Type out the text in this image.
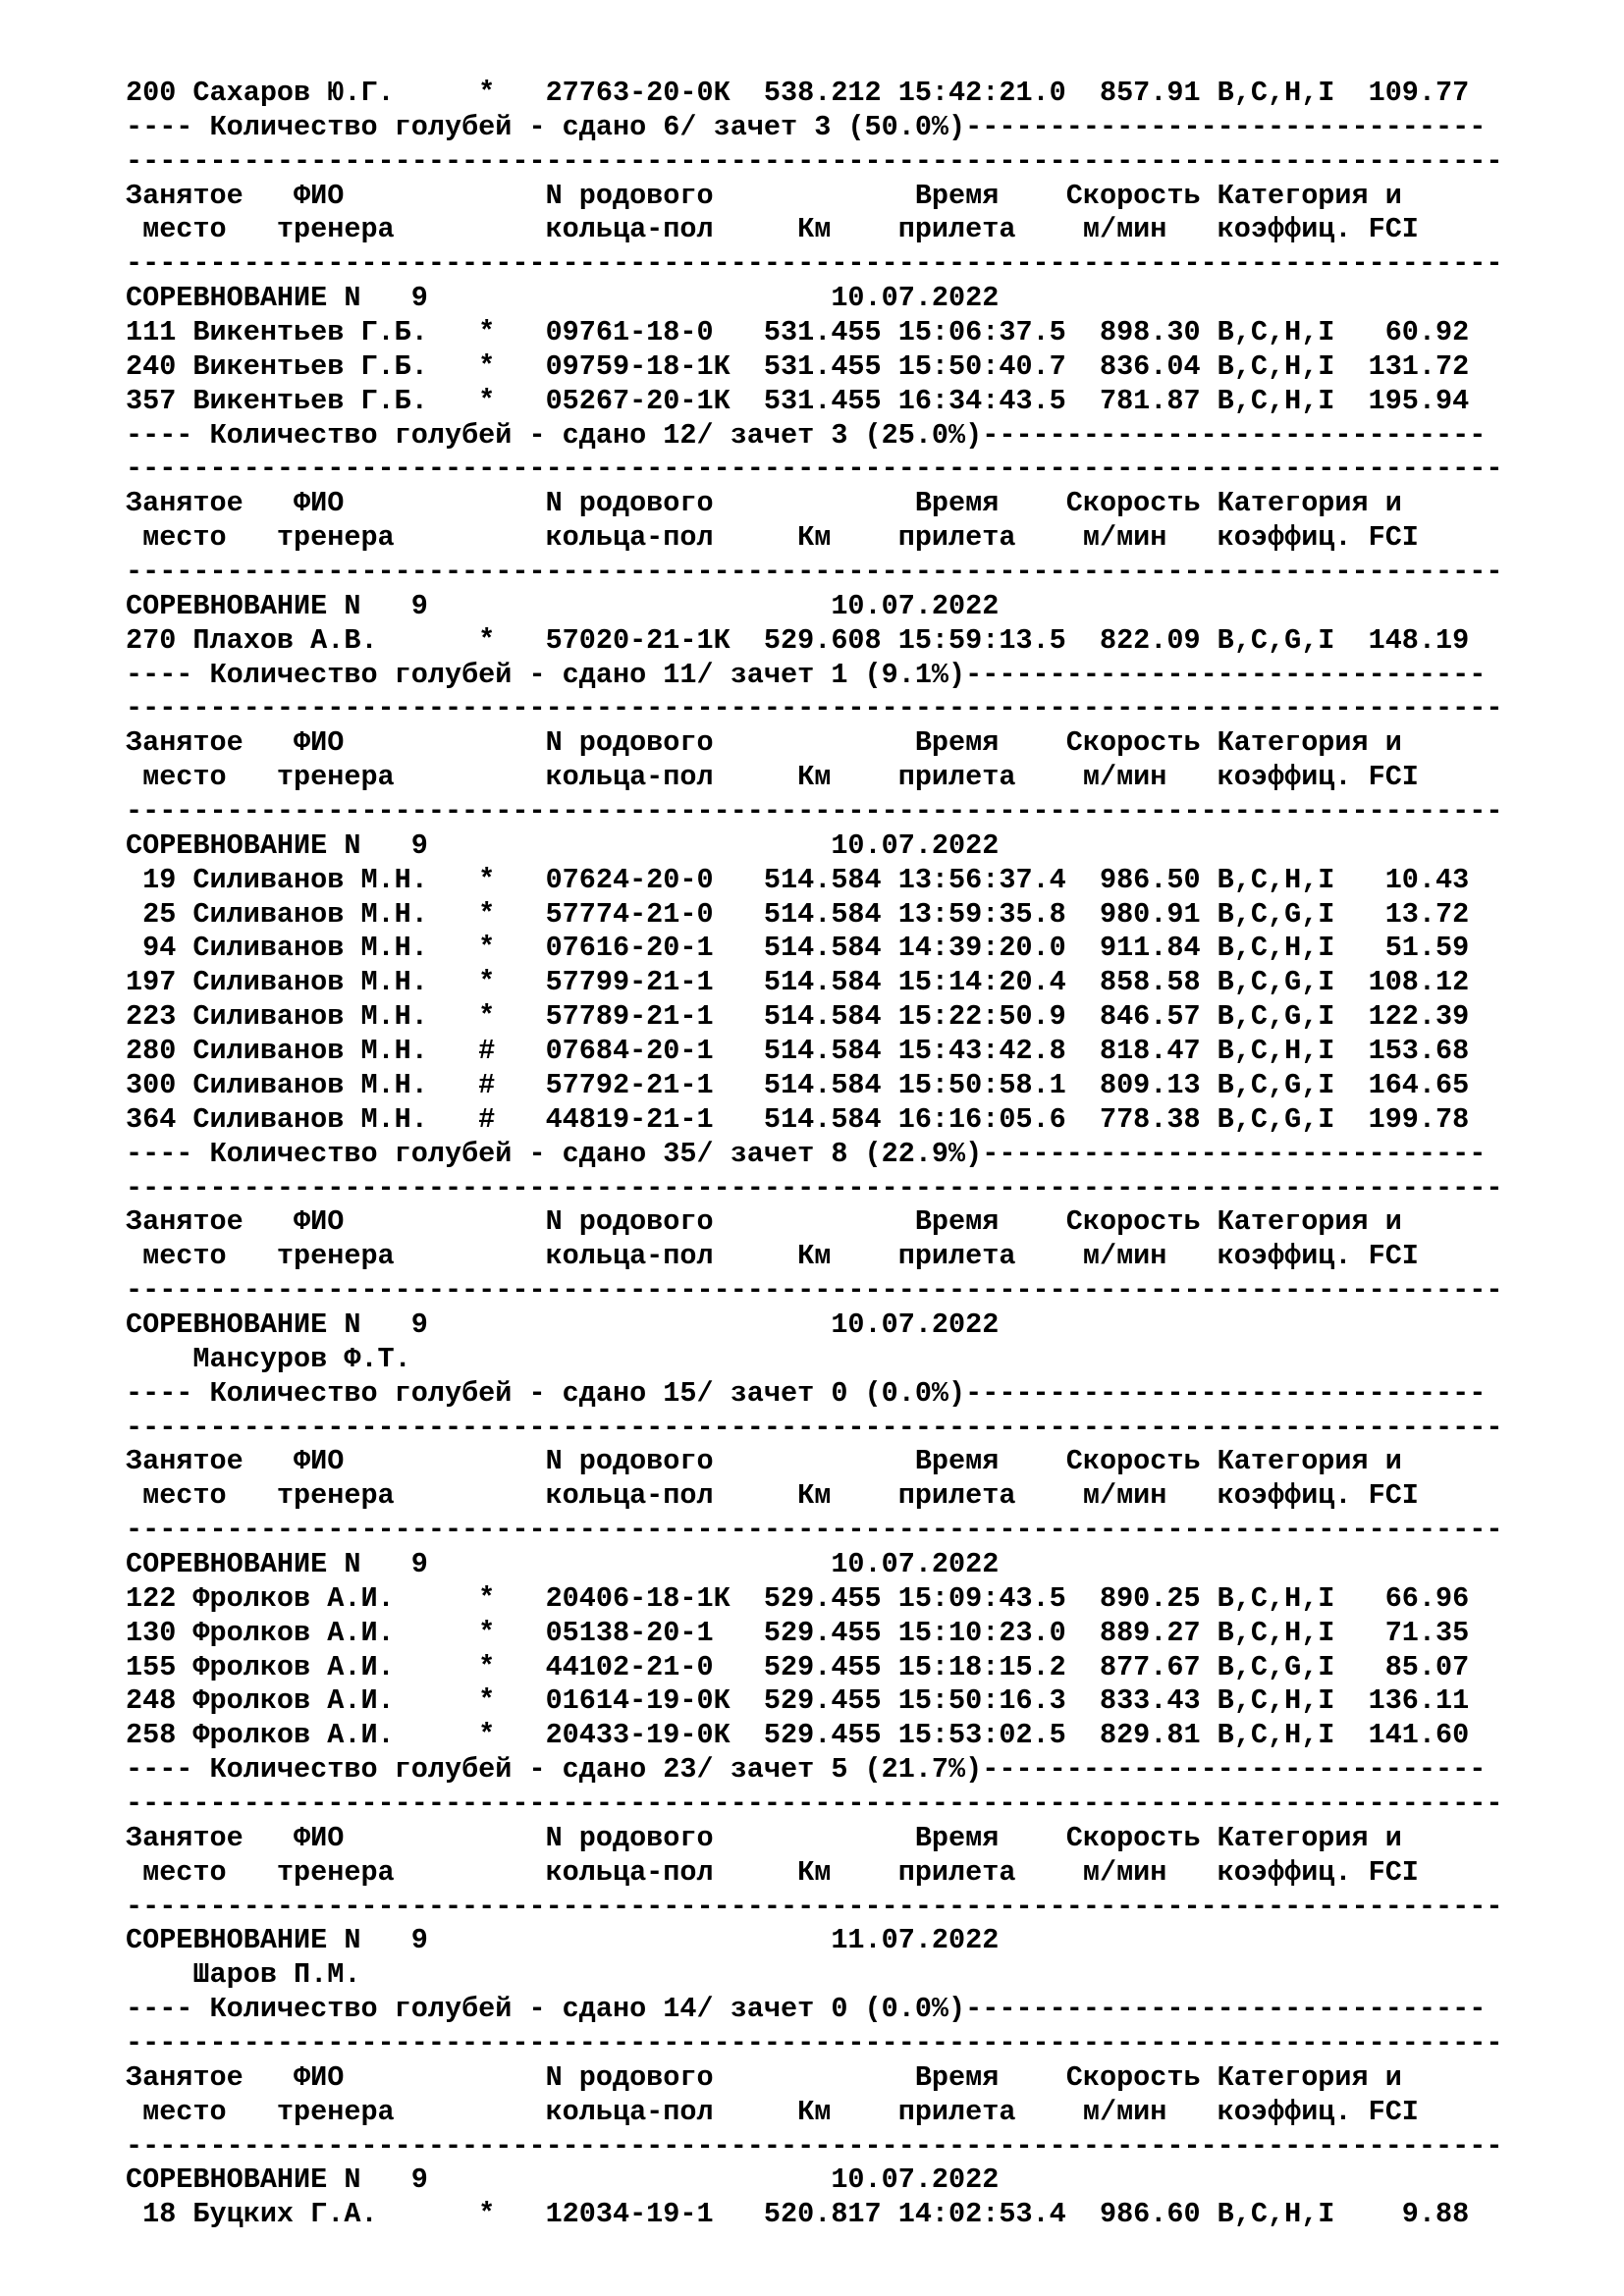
200 Сахаров Ю.Г.     *   27763-20-0К  538.212 15:42:21.0  857.91 B,C,H,I  109.77
---- Количество голубей - сдано 6/ зачет 3 (50.0%)-------------------------------
----------------------------------------------------------------------------------
Занятое   ФИО            N родового            Время    Скорость Категория и
место   тренера         кольца-пол     Км    прилета    м/мин   коэффиц. FCI
----------------------------------------------------------------------------------
СОРЕВНОВАНИЕ N   9                        10.07.2022
111 Викентьев Г.Б.   *   09761-18-0   531.455 15:06:37.5  898.30 B,C,H,I   60.92
240 Викентьев Г.Б.   *   09759-18-1К  531.455 15:50:40.7  836.04 B,C,H,I  131.72
357 Викентьев Г.Б.   *   05267-20-1К  531.455 16:34:43.5  781.87 B,C,H,I  195.94
---- Количество голубей - сдано 12/ зачет 3 (25.0%)------------------------------
----------------------------------------------------------------------------------
Занятое   ФИО            N родового            Время    Скорость Категория и
место   тренера         кольца-пол     Км    прилета    м/мин   коэффиц. FCI
----------------------------------------------------------------------------------
СОРЕВНОВАНИЕ N   9                        10.07.2022
270 Плахов А.В.      *   57020-21-1К  529.608 15:59:13.5  822.09 B,C,G,I  148.19
---- Количество голубей - сдано 11/ зачет 1 (9.1%)-------------------------------
----------------------------------------------------------------------------------
Занятое   ФИО            N родового            Время    Скорость Категория и
место   тренера         кольца-пол     Км    прилета    м/мин   коэффиц. FCI
----------------------------------------------------------------------------------
СОРЕВНОВАНИЕ N   9                        10.07.2022
19 Силиванов М.Н.   *   07624-20-0   514.584 13:56:37.4  986.50 B,C,H,I   10.43
25 Силиванов М.Н.   *   57774-21-0   514.584 13:59:35.8  980.91 B,C,G,I   13.72
94 Силиванов М.Н.   *   07616-20-1   514.584 14:39:20.0  911.84 B,C,H,I   51.59
197 Силиванов М.Н.   *   57799-21-1   514.584 15:14:20.4  858.58 B,C,G,I  108.12
223 Силиванов М.Н.   *   57789-21-1   514.584 15:22:50.9  846.57 B,C,G,I  122.39
280 Силиванов М.Н.   #   07684-20-1   514.584 15:43:42.8  818.47 B,C,H,I  153.68
300 Силиванов М.Н.   #   57792-21-1   514.584 15:50:58.1  809.13 B,C,G,I  164.65
364 Силиванов М.Н.   #   44819-21-1   514.584 16:16:05.6  778.38 B,C,G,I  199.78
---- Количество голубей - сдано 35/ зачет 8 (22.9%)------------------------------
----------------------------------------------------------------------------------
Занятое   ФИО            N родового            Время    Скорость Категория и
место   тренера         кольца-пол     Км    прилета    м/мин   коэффиц. FCI
----------------------------------------------------------------------------------
СОРЕВНОВАНИЕ N   9                        10.07.2022
Мансуров Ф.Т.
---- Количество голубей - сдано 15/ зачет 0 (0.0%)-------------------------------
----------------------------------------------------------------------------------
Занятое   ФИО            N родового            Время    Скорость Категория и
место   тренера         кольца-пол     Км    прилета    м/мин   коэффиц. FCI
----------------------------------------------------------------------------------
СОРЕВНОВАНИЕ N   9                        10.07.2022
122 Фролков А.И.     *   20406-18-1К  529.455 15:09:43.5  890.25 B,C,H,I   66.96
130 Фролков А.И.     *   05138-20-1   529.455 15:10:23.0  889.27 B,C,H,I   71.35
155 Фролков А.И.     *   44102-21-0   529.455 15:18:15.2  877.67 B,C,G,I   85.07
248 Фролков А.И.     *   01614-19-0К  529.455 15:50:16.3  833.43 B,C,H,I  136.11
258 Фролков А.И.     *   20433-19-0К  529.455 15:53:02.5  829.81 B,C,H,I  141.60
---- Количество голубей - сдано 23/ зачет 5 (21.7%)------------------------------
----------------------------------------------------------------------------------
Занятое   ФИО            N родового            Время    Скорость Категория и
место   тренера         кольца-пол     Км    прилета    м/мин   коэффиц. FCI
----------------------------------------------------------------------------------
СОРЕВНОВАНИЕ N   9                        11.07.2022
Шаров П.М.
---- Количество голубей - сдано 14/ зачет 0 (0.0%)-------------------------------
----------------------------------------------------------------------------------
Занятое   ФИО            N родового            Время    Скорость Категория и
место   тренера         кольца-пол     Км    прилета    м/мин   коэффиц. FCI
----------------------------------------------------------------------------------
СОРЕВНОВАНИЕ N   9                        10.07.2022
18 Буцких Г.А.      *   12034-19-1   520.817 14:02:53.4  986.60 B,C,H,I    9.88
